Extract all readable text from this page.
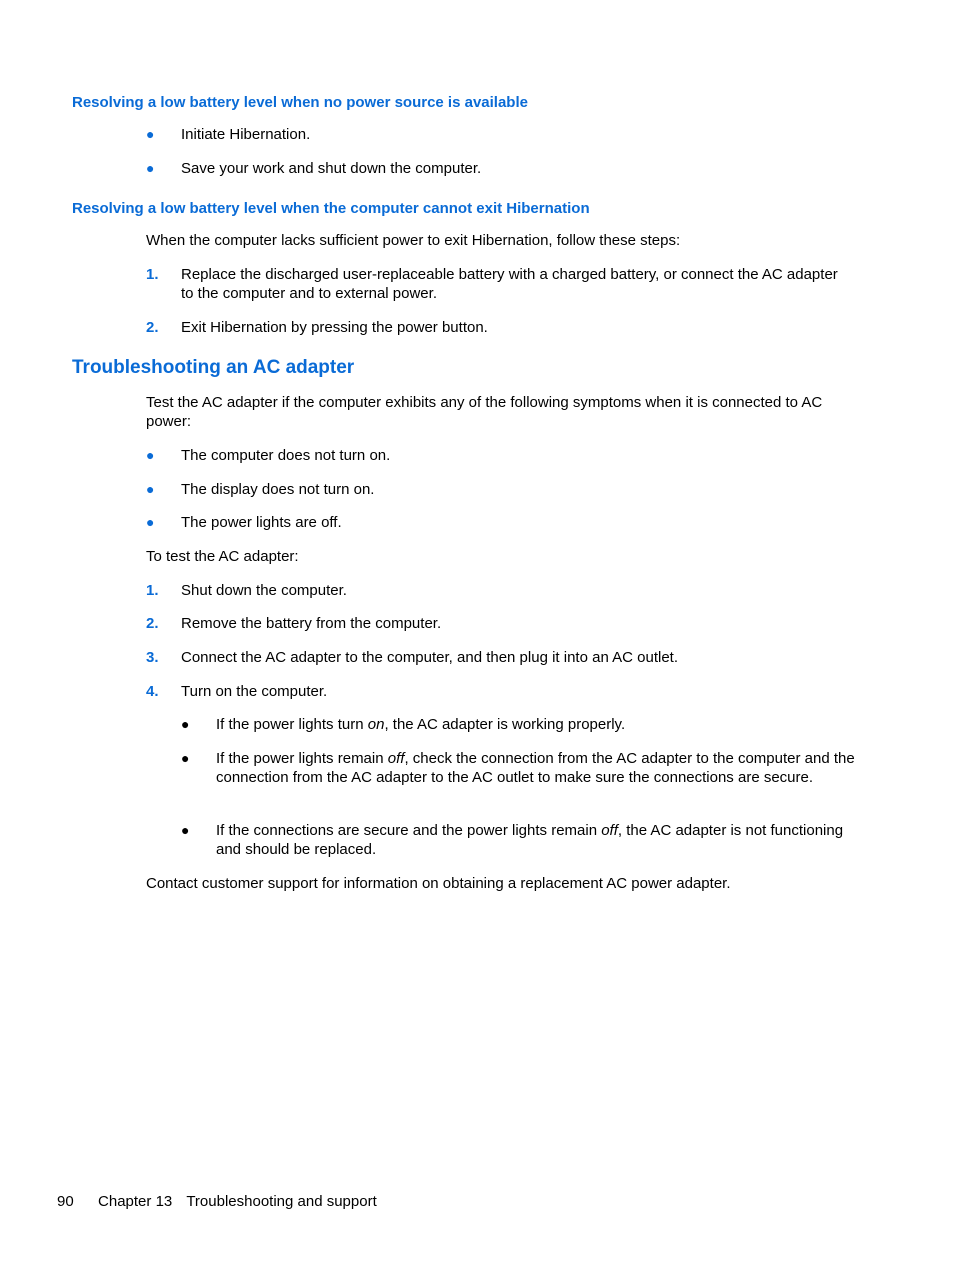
Resolving a low battery level when no power source is available
● Initiate Hibernation.
● Save your work and shut down the computer.
Resolving a low battery level when the computer cannot exit Hibernation
When the computer lacks sufficient power to exit Hibernation, follow these steps:
1. Replace the discharged user-replaceable battery with a charged battery, or connect the AC adapter to the computer and to external power.
2. Exit Hibernation by pressing the power button.
Troubleshooting an AC adapter
Test the AC adapter if the computer exhibits any of the following symptoms when it is connected to AC power:
● The computer does not turn on.
● The display does not turn on.
● The power lights are off.
To test the AC adapter:
1. Shut down the computer.
2. Remove the battery from the computer.
3. Connect the AC adapter to the computer, and then plug it into an AC outlet.
4. Turn on the computer.
● If the power lights turn on, the AC adapter is working properly.
● If the power lights remain off, check the connection from the AC adapter to the computer and the connection from the AC adapter to the AC outlet to make sure the connections are secure.
● If the connections are secure and the power lights remain off, the AC adapter is not functioning and should be replaced.
Contact customer support for information on obtaining a replacement AC power adapter.
90 Chapter 13 Troubleshooting and support
